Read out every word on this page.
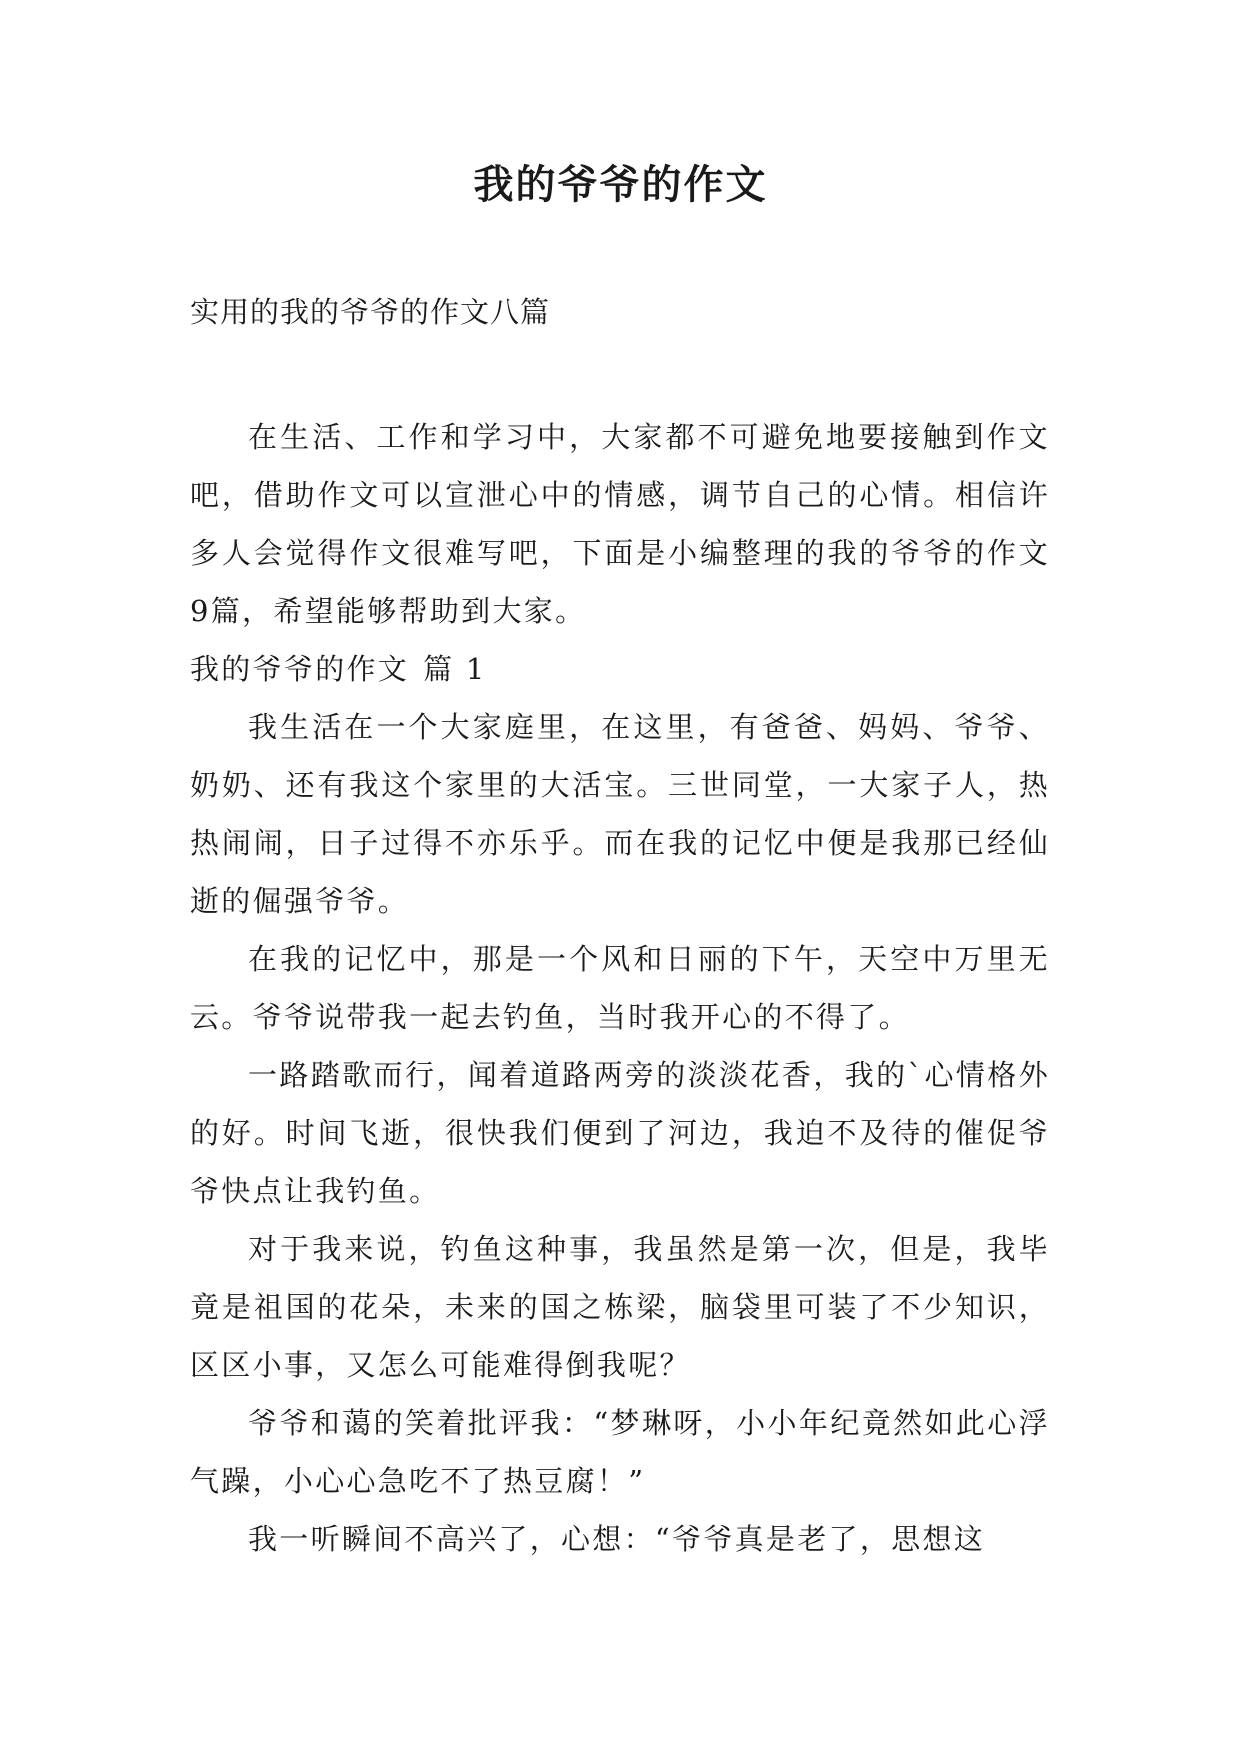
我的爷爷的作文

实用的我的爷爷的作文八篇

在生活、工作和学习中，大家都不可避免地要接触到作文吧，借助作文可以宣泄心中的情感，调节自己的心情。相信许多人会觉得作文很难写吧，下面是小编整理的我的爷爷的作文9篇，希望能够帮助到大家。

我的爷爷的作文 篇 1

我生活在一个大家庭里，在这里，有爸爸、妈妈、爷爷、奶奶、还有我这个家里的大活宝。三世同堂，一大家子人，热热闹闹，日子过得不亦乐乎。而在我的记忆中便是我那已经仙逝的倔强爷爷。

在我的记忆中，那是一个风和日丽的下午，天空中万里无云。爷爷说带我一起去钓鱼，当时我开心的不得了。

一路踏歌而行，闻着道路两旁的淡淡花香，我的`心情格外的好。时间飞逝，很快我们便到了河边，我迫不及待的催促爷爷快点让我钓鱼。

对于我来说，钓鱼这种事，我虽然是第一次，但是，我毕竟是祖国的花朵，未来的国之栋梁，脑袋里可装了不少知识，区区小事，又怎么可能难得倒我呢？

爷爷和蔼的笑着批评我：“梦琳呀，小小年纪竟然如此心浮气躁，小心心急吃不了热豆腐！”

我一听瞬间不高兴了，心想：“爷爷真是老了，思想这
